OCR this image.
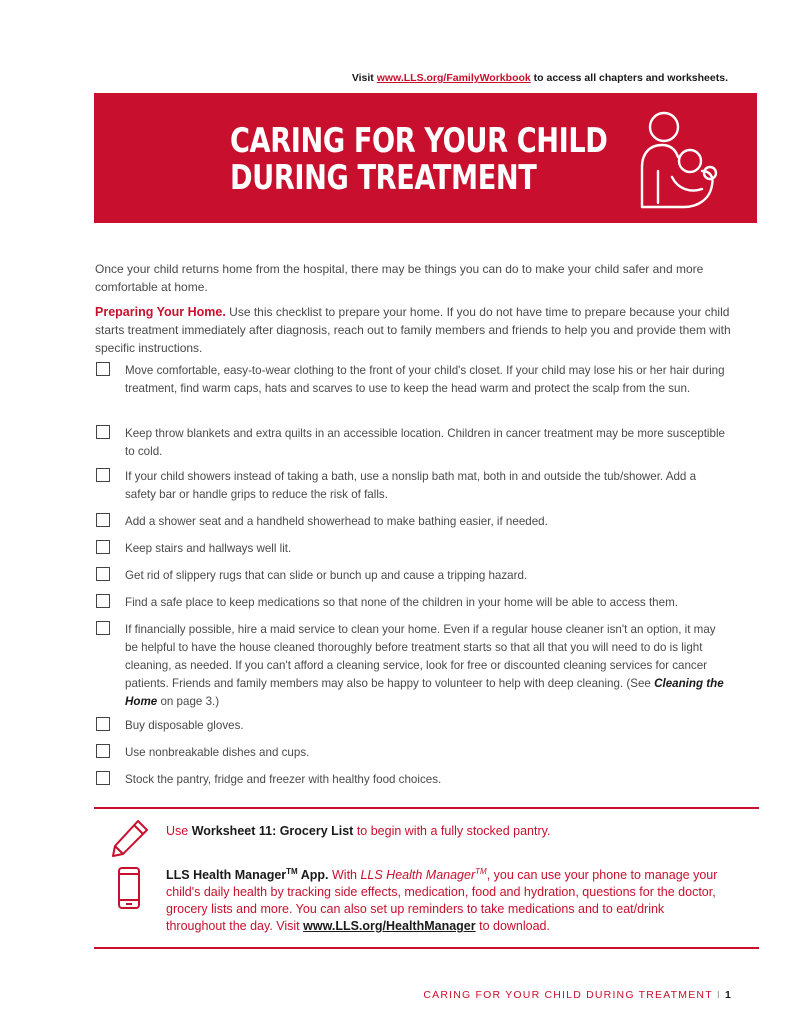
Visit www.LLS.org/FamilyWorkbook to access all chapters and worksheets.
CARING FOR YOUR CHILD
DURING TREATMENT
Once your child returns home from the hospital, there may be things you can do to make your child safer and more comfortable at home.
Preparing Your Home. Use this checklist to prepare your home. If you do not have time to prepare because your child starts treatment immediately after diagnosis, reach out to family members and friends to help you and provide them with specific instructions.
Move comfortable, easy-to-wear clothing to the front of your child's closet. If your child may lose his or her hair during treatment, find warm caps, hats and scarves to use to keep the head warm and protect the scalp from the sun.
Keep throw blankets and extra quilts in an accessible location. Children in cancer treatment may be more susceptible to cold.
If your child showers instead of taking a bath, use a nonslip bath mat, both in and outside the tub/shower. Add a safety bar or handle grips to reduce the risk of falls.
Add a shower seat and a handheld showerhead to make bathing easier, if needed.
Keep stairs and hallways well lit.
Get rid of slippery rugs that can slide or bunch up and cause a tripping hazard.
Find a safe place to keep medications so that none of the children in your home will be able to access them.
If financially possible, hire a maid service to clean your home. Even if a regular house cleaner isn't an option, it may be helpful to have the house cleaned thoroughly before treatment starts so that all that you will need to do is light cleaning, as needed. If you can't afford a cleaning service, look for free or discounted cleaning services for cancer patients. Friends and family members may also be happy to volunteer to help with deep cleaning. (See Cleaning the Home on page 3.)
Buy disposable gloves.
Use nonbreakable dishes and cups.
Stock the pantry, fridge and freezer with healthy food choices.
Use Worksheet 11: Grocery List to begin with a fully stocked pantry.
LLS Health Manager™ App. With LLS Health Manager™, you can use your phone to manage your child's daily health by tracking side effects, medication, food and hydration, questions for the doctor, grocery lists and more. You can also set up reminders to take medications and to eat/drink throughout the day. Visit www.LLS.org/HealthManager to download.
CARING FOR YOUR CHILD DURING TREATMENT I 1
